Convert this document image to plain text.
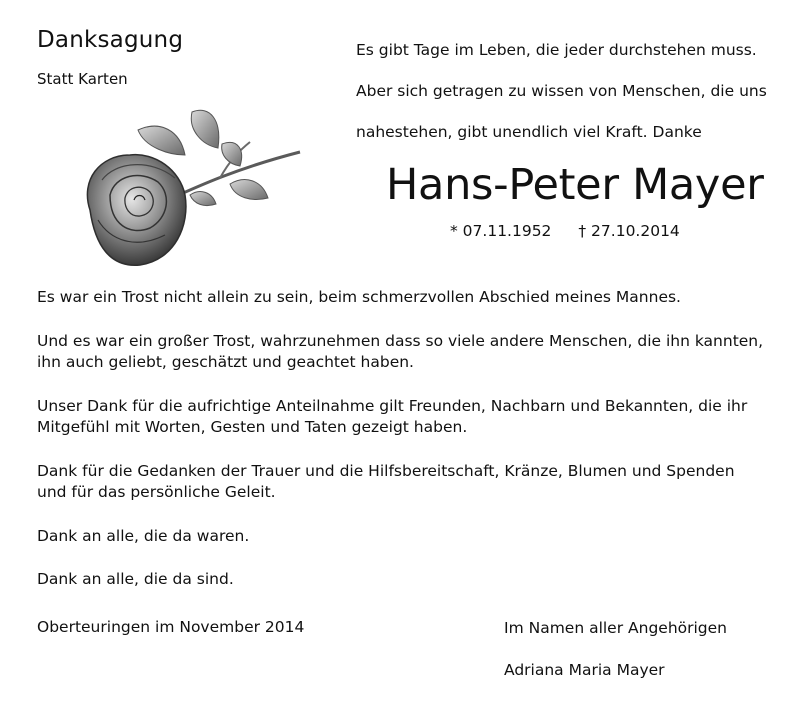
Danksagung
Statt Karten
Es gibt Tage im Leben, die jeder durchstehen muss.
Aber sich getragen zu wissen von Menschen, die uns
nahestehen, gibt unendlich viel Kraft. Danke
Hans-Peter Mayer
* 07.11.1952 † 27.10.2014

Es war ein Trost nicht allein zu sein, beim schmerzvollen Abschied meines Mannes.

Und es war ein großer Trost, wahrzunehmen dass so viele andere Menschen, die ihn kannten,
ihn auch geliebt, geschätzt und geachtet haben.

Unser Dank für die aufrichtige Anteilnahme gilt Freunden, Nachbarn und Bekannten, die ihr
Mitgefühl mit Worten, Gesten und Taten gezeigt haben.

Dank für die Gedanken der Trauer und die Hilfsbereitschaft, Kränze, Blumen und Spenden
und für das persönliche Geleit.

Dank an alle, die da waren.

Dank an alle, die da sind.

Oberteuringen im November 2014	Im Namen aller Angehörigen
Adriana Maria Mayer
